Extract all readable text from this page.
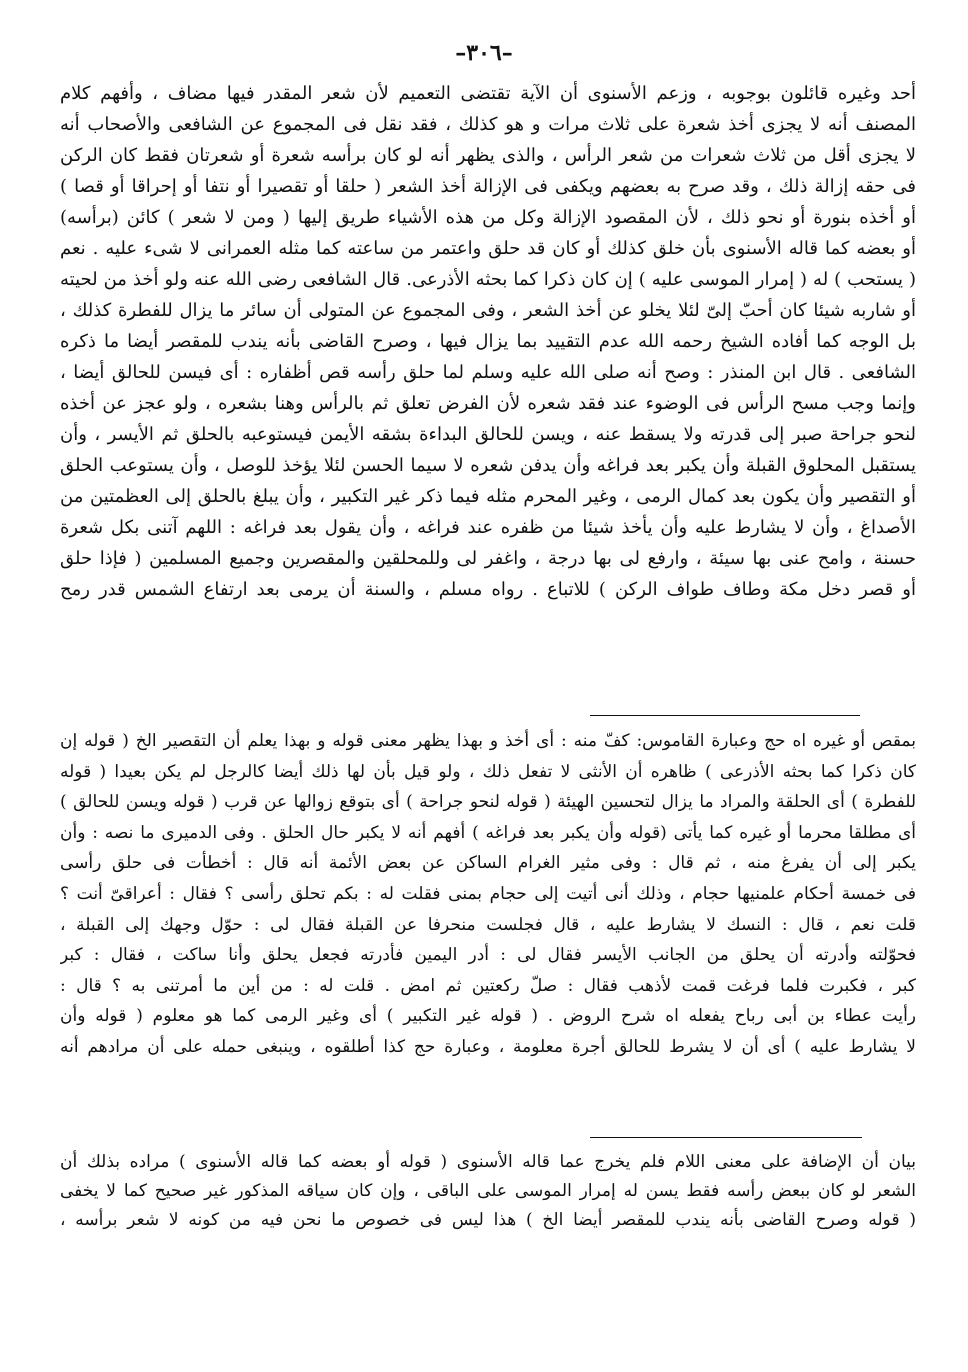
–٣٠٦–
أحد وغيره قائلون بوجوبه ، وزعم الأسنوى أن الآية تقتضى التعميم لأن شعر المقدر فيها مضاف ، وأفهم كلام
المصنف أنه لا يجزى أخذ شعرة على ثلاث مرات و هو كذلك ، فقد نقل فى المجموع عن الشافعى والأصحاب أنه
لا يجزى أقل من ثلاث شعرات من شعر الرأس ، والذى يظهر أنه لو كان برأسه شعرة أو شعرتان فقط كان الركن
فى حقه إزالة ذلك ، وقد صرح به بعضهم ويكفى فى الإزالة أخذ الشعر ( حلقا أو تقصيرا أو نتفا أو إحراقا أو قصا )
أو أخذه بنورة أو نحو ذلك ، لأن المقصود الإزالة وكل من هذه الأشياء طريق إليها ( ومن لا شعر ) كائن (برأسه)
أو بعضه كما قاله الأسنوى بأن خلق كذلك أو كان قد حلق واعتمر من ساعته كما مثله العمرانى لا شىء عليه . نعم
( يستحب ) له ( إمرار الموسى عليه ) إن كان ذكرا كما بحثه الأذرعى. قال الشافعى رضى الله عنه ولو أخذ من لحيته
أو شاربه شيئا كان أحبّ إلىّ لئلا يخلو عن أخذ الشعر ، وفى المجموع عن المتولى أن سائر ما يزال للفطرة كذلك ،
بل الوجه كما أفاده الشيخ رحمه الله عدم التقييد بما يزال فيها ، وصرح القاضى بأنه يندب للمقصر أيضا ما ذكره
الشافعى . قال ابن المنذر : وصح أنه صلى الله عليه وسلم لما حلق رأسه قص أظفاره : أى فيسن للحالق أيضا ،
وإنما وجب مسح الرأس فى الوضوء عند فقد شعره لأن الفرض تعلق ثم بالرأس وهنا بشعره ، ولو عجز عن أخذه
لنحو جراحة صبر إلى قدرته ولا يسقط عنه ، ويسن للحالق البداءة بشقه الأيمن فيستوعبه بالحلق ثم الأيسر ، وأن
يستقبل المحلوق القبلة وأن يكبر بعد فراغه وأن يدفن شعره لا سيما الحسن لئلا يؤخذ للوصل ، وأن يستوعب الحلق
أو التقصير وأن يكون بعد كمال الرمى ، وغير المحرم مثله فيما ذكر غير التكبير ، وأن يبلغ بالحلق إلى العظمتين من
الأصداغ ، وأن لا يشارط عليه وأن يأخذ شيئا من ظفره عند فراغه ، وأن يقول بعد فراغه : اللهم آتنى بكل شعرة
حسنة ، وامح عنى بها سيئة ، وارفع لى بها درجة ، واغفر لى وللمحلقين والمقصرين وجميع المسلمين ( فإذا حلق
أو قصر دخل مكة وطاف طواف الركن ) للاتباع . رواه مسلم ، والسنة أن يرمى بعد ارتفاع الشمس قدر رمح
بمقص أو غيره اه حج وعبارة القاموس: كفّ منه : أى أخذ و بهذا يظهر معنى قوله و بهذا يعلم أن التقصير الخ ( قوله إن
كان ذكرا كما بحثه الأذرعى ) ظاهره أن الأنثى لا تفعل ذلك ، ولو قيل بأن لها ذلك أيضا كالرجل لم يكن بعيدا ( قوله
للفطرة ) أى الحلقة والمراد ما يزال لتحسين الهيئة ( قوله لنحو جراحة ) أى بتوقع زوالها عن قرب ( قوله ويسن للحالق )
أى مطلقا محرما أو غيره كما يأتى (قوله وأن يكبر بعد فراغه ) أفهم أنه لا يكبر حال الحلق . وفى الدميرى ما نصه : وأن
يكبر إلى أن يفرغ منه ، ثم قال : وفى مثير الغرام الساكن عن بعض الأئمة أنه قال : أخطأت فى حلق رأسى
فى خمسة أحكام علمنيها حجام ، وذلك أنى أتيت إلى حجام بمنى فقلت له : بكم تحلق رأسى ؟ فقال : أعراقىّ أنت ؟
قلت نعم ، قال : النسك لا يشارط عليه ، قال فجلست منحرفا عن القبلة فقال لى : حوّل وجهك إلى القبلة ،
فحوّلته وأدرته أن يحلق من الجانب الأيسر فقال لى : أدر اليمين فأدرته فجعل يحلق وأنا ساكت ، فقال : كبر
كبر ، فكبرت فلما فرغت قمت لأذهب فقال : صلّ ركعتين ثم امض . قلت له : من أين ما أمرتنى به ؟ قال :
رأيت عطاء بن أبى رباح يفعله اه شرح الروض . ( قوله غير التكبير ) أى وغير الرمى كما هو معلوم ( قوله وأن
لا يشارط عليه ) أى أن لا يشرط للحالق أجرة معلومة ، وعبارة حج كذا أطلقوه ، وينبغى حمله على أن مرادهم أنه
بيان أن الإضافة على معنى اللام فلم يخرج عما قاله الأسنوى ( قوله أو بعضه كما قاله الأسنوى ) مراده بذلك أن
الشعر لو كان ببعض رأسه فقط يسن له إمرار الموسى على الباقى ، وإن كان سياقه المذكور غير صحيح كما لا يخفى
( قوله وصرح القاضى بأنه يندب للمقصر أيضا الخ ) هذا ليس فى خصوص ما نحن فيه من كونه لا شعر برأسه ،
